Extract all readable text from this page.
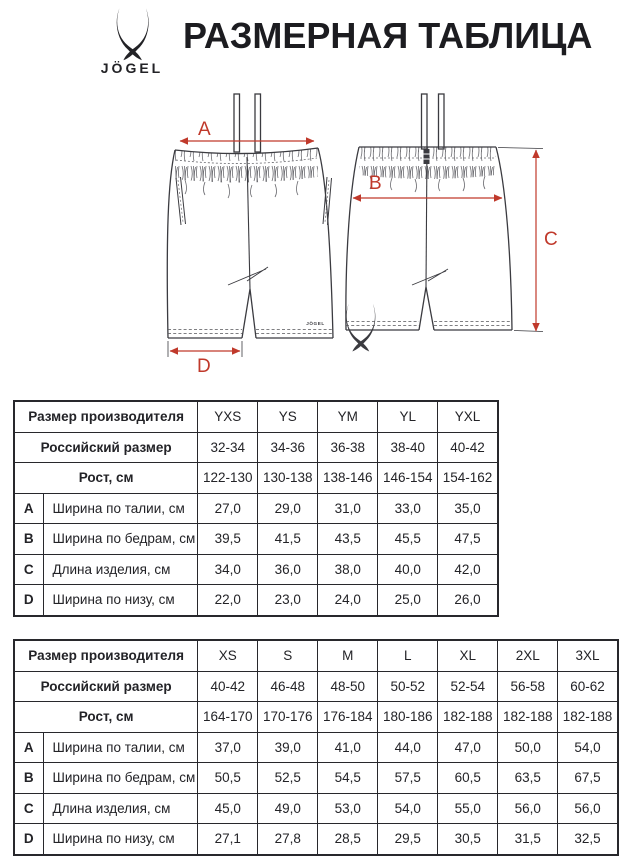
JÖGEL
РАЗМЕРНАЯ ТАБЛИЦА
JÖGEL
A
D
B
C
Размер производителя		YXS	YS	YM	YL	YXL
Российский размер		32-34	34-36	36-38	38-40	40-42
Рост, см		122-130	130-138	138-146	146-154	154-162
A	Ширина по талии, см	27,0	29,0	31,0	33,0	35,0
B	Ширина по бедрам, см	39,5	41,5	43,5	45,5	47,5
C	Длина изделия, см	34,0	36,0	38,0	40,0	42,0
D	Ширина по низу, см	22,0	23,0	24,0	25,0	26,0
Размер производителя		XS	S	M	L	XL	2XL	3XL
Российский размер		40-42	46-48	48-50	50-52	52-54	56-58	60-62
Рост, см		164-170	170-176	176-184	180-186	182-188	182-188	182-188
A	Ширина по талии, см	37,0	39,0	41,0	44,0	47,0	50,0	54,0
B	Ширина по бедрам, см	50,5	52,5	54,5	57,5	60,5	63,5	67,5
C	Длина изделия, см	45,0	49,0	53,0	54,0	55,0	56,0	56,0
D	Ширина по низу, см	27,1	27,8	28,5	29,5	30,5	31,5	32,5
